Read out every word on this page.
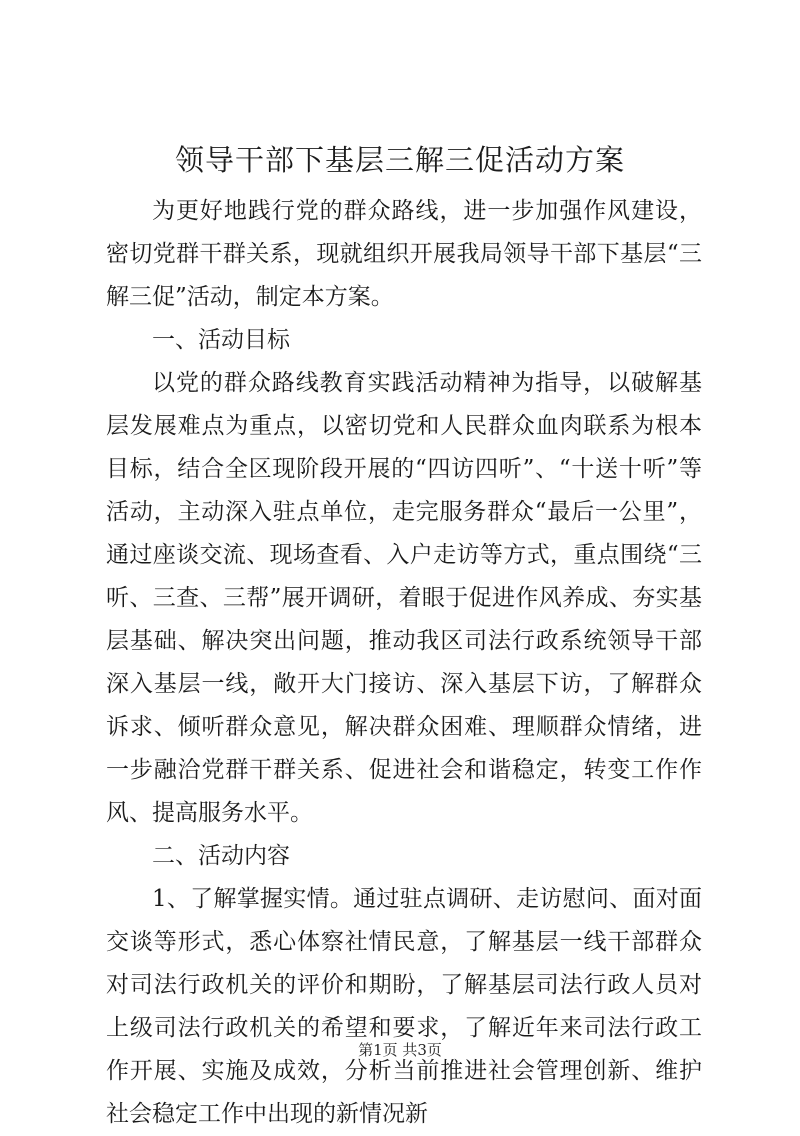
领导干部下基层三解三促活动方案

为更好地践行党的群众路线，进一步加强作风建设，密切党群干群关系，现就组织开展我局领导干部下基层“三解三促”活动，制定本方案。

一、活动目标

以党的群众路线教育实践活动精神为指导，以破解基层发展难点为重点，以密切党和人民群众血肉联系为根本目标，结合全区现阶段开展的“四访四听”、“十送十听”等活动，主动深入驻点单位，走完服务群众“最后一公里”，通过座谈交流、现场查看、入户走访等方式，重点围绕“三听、三查、三帮”展开调研，着眼于促进作风养成、夯实基层基础、解决突出问题，推动我区司法行政系统领导干部深入基层一线，敞开大门接访、深入基层下访，了解群众诉求、倾听群众意见，解决群众困难、理顺群众情绪，进一步融洽党群干群关系、促进社会和谐稳定，转变工作作风、提高服务水平。

二、活动内容

1、了解掌握实情。通过驻点调研、走访慰问、面对面交谈等形式，悉心体察社情民意，了解基层一线干部群众对司法行政机关的评价和期盼，了解基层司法行政人员对上级司法行政机关的希望和要求，了解近年来司法行政工作开展、实施及成效，分析当前推进社会管理创新、维护社会稳定工作中出现的新情况新

第1页 共3页
